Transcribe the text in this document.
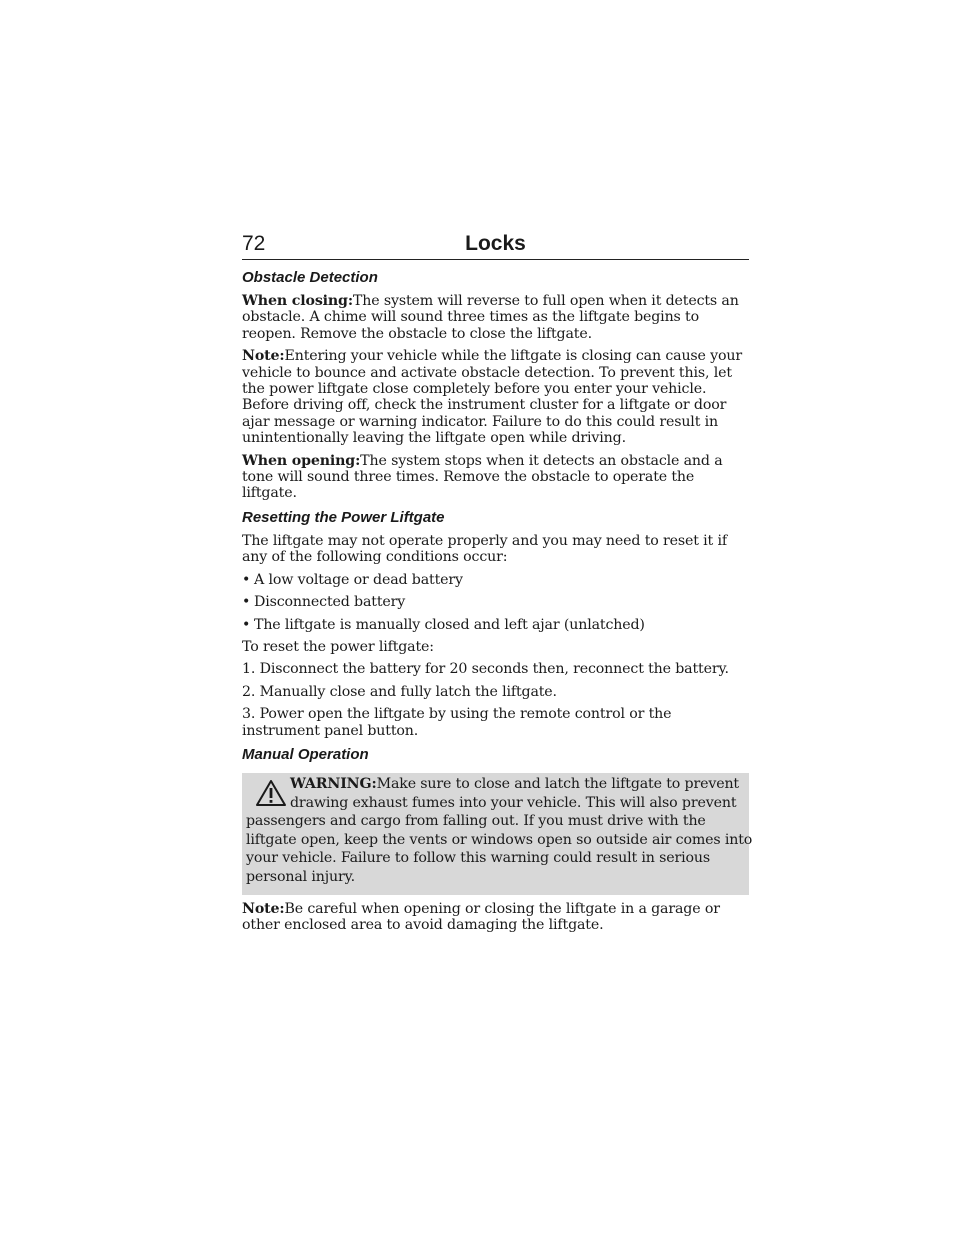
72	Locks
Obstacle Detection

When closing:The system will reverse to full open when it detects an obstacle. A chime will sound three times as the liftgate begins to reopen. Remove the obstacle to close the liftgate.

Note:Entering your vehicle while the liftgate is closing can cause your vehicle to bounce and activate obstacle detection. To prevent this, let the power liftgate close completely before you enter your vehicle. Before driving off, check the instrument cluster for a liftgate or door ajar message or warning indicator. Failure to do this could result in unintentionally leaving the liftgate open while driving.

When opening:The system stops when it detects an obstacle and a tone will sound three times. Remove the obstacle to operate the liftgate.

Resetting the Power Liftgate

The liftgate may not operate properly and you may need to reset it if any of the following conditions occur:

• A low voltage or dead battery
• Disconnected battery
• The liftgate is manually closed and left ajar (unlatched)

To reset the power liftgate:

1. Disconnect the battery for 20 seconds then, reconnect the battery.

2. Manually close and fully latch the liftgate.

3. Power open the liftgate by using the remote control or the instrument panel button.

Manual Operation
WARNING:Make sure to close and latch the liftgate to prevent
drawing exhaust fumes into your vehicle. This will also prevent
passengers and cargo from falling out. If you must drive with the
liftgate open, keep the vents or windows open so outside air comes into
your vehicle. Failure to follow this warning could result in serious
personal injury.

Note:Be careful when opening or closing the liftgate in a garage or other enclosed area to avoid damaging the liftgate.
